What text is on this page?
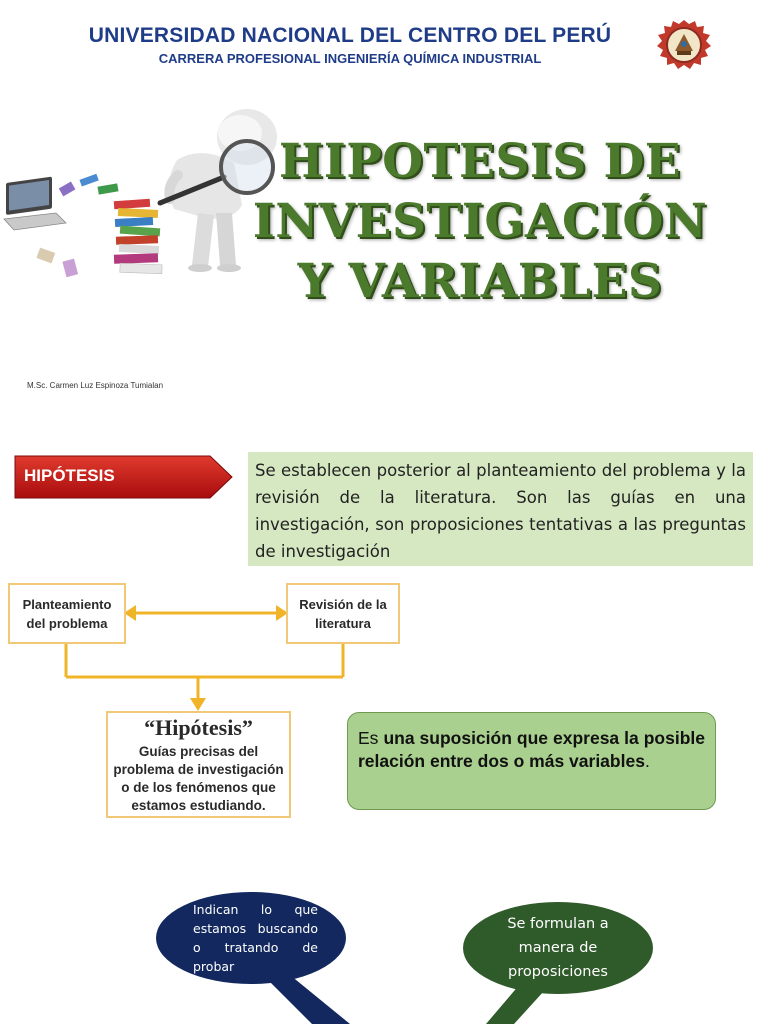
UNIVERSIDAD NACIONAL DEL CENTRO DEL PERÚ
CARRERA PROFESIONAL INGENIERÍA QUÍMICA INDUSTRIAL
HIPOTESIS DE
INVESTIGACIÓN
Y VARIABLES
M.Sc. Carmen Luz Espinoza Tumialan
HIPÓTESIS	Se establecen posterior al planteamiento del problema y la revisión de la literatura. Son las guías en una investigación, son proposiciones tentativas a las preguntas de investigación
Planteamiento
del problema
Revisión de la
literatura
“Hipótesis”
Guías precisas del
problema de investigación
o de los fenómenos que
estamos estudiando.
Es una suposición que expresa la posible relación entre dos o más variables.
Indican lo que estamos buscando o tratando de probar
Se formulan a manera de proposiciones
